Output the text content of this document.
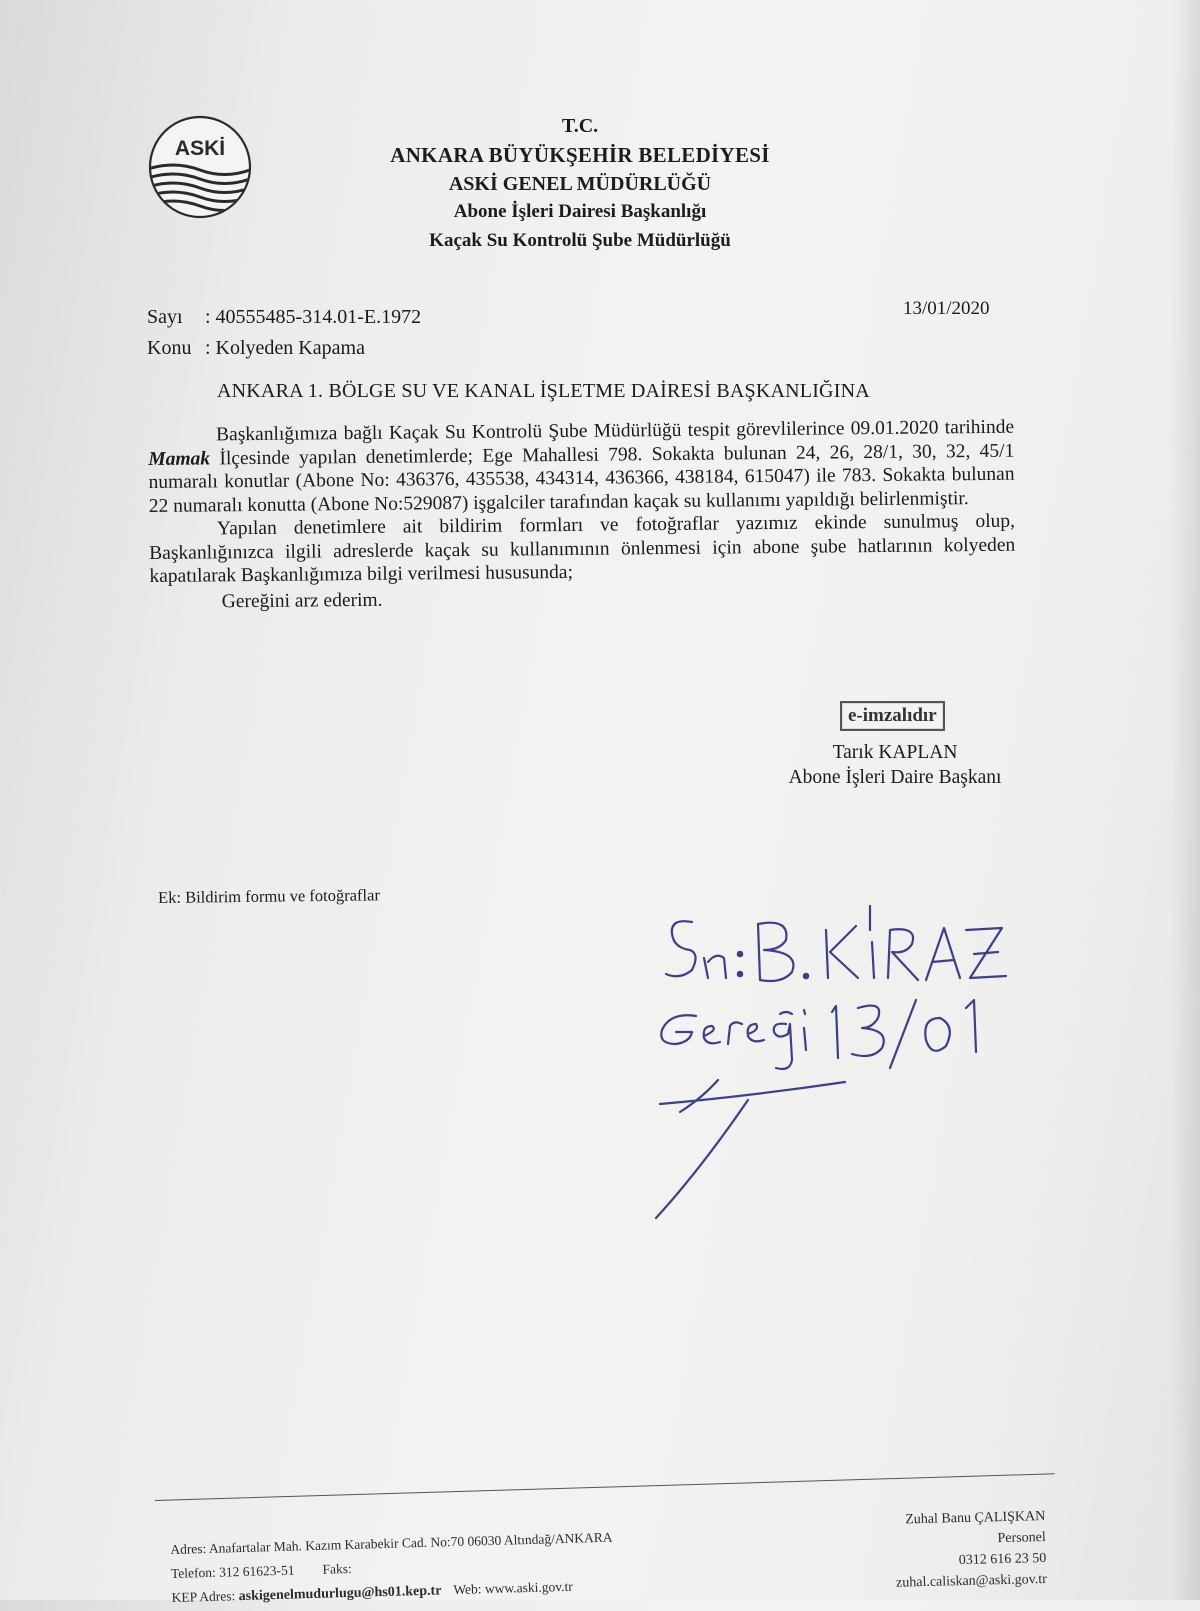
ASKİ
T.C.
ANKARA BÜYÜKŞEHİR BELEDİYESİ
ASKİ GENEL MÜDÜRLÜĞÜ
Abone İşleri Dairesi Başkanlığı
Kaçak Su Kontrolü Şube Müdürlüğü
Sayı : 40555485-314.01-E.1972
Konu : Kolyeden Kapama
13/01/2020
ANKARA 1. BÖLGE SU VE KANAL İŞLETME DAİRESİ BAŞKANLIĞINA

Başkanlığımıza bağlı Kaçak Su Kontrolü Şube Müdürlüğü tespit görevlilerince 09.01.2020 tarihinde Mamak İlçesinde yapılan denetimlerde; Ege Mahallesi 798. Sokakta bulunan 24, 26, 28/1, 30, 32, 45/1 numaralı konutlar (Abone No: 436376, 435538, 434314, 436366, 438184, 615047) ile 783. Sokakta bulunan 22 numaralı konutta (Abone No:529087) işgalciler tarafından kaçak su kullanımı yapıldığı belirlenmiştir.

Yapılan denetimlere ait bildirim formları ve fotoğraflar yazımız ekinde sunulmuş olup, Başkanlığınızca ilgili adreslerde kaçak su kullanımının önlenmesi için abone şube hatlarının kolyeden kapatılarak Başkanlığımıza bilgi verilmesi hususunda;

Gereğini arz ederim.

e-imzalıdır
Tarık KAPLAN
Abone İşleri Daire Başkanı
Ek: Bildirim formu ve fotoğraflar
Adres: Anafartalar Mah. Kazım Karabekir Cad. No:70 06030 Altındağ/ANKARA
Telefon: 312 61623-51 Faks:
KEP Adres: askigenelmudurlugu@hs01.kep.tr Web: www.aski.gov.tr
Zuhal Banu ÇALIŞKAN
Personel
0312 616 23 50
zuhal.caliskan@aski.gov.tr
